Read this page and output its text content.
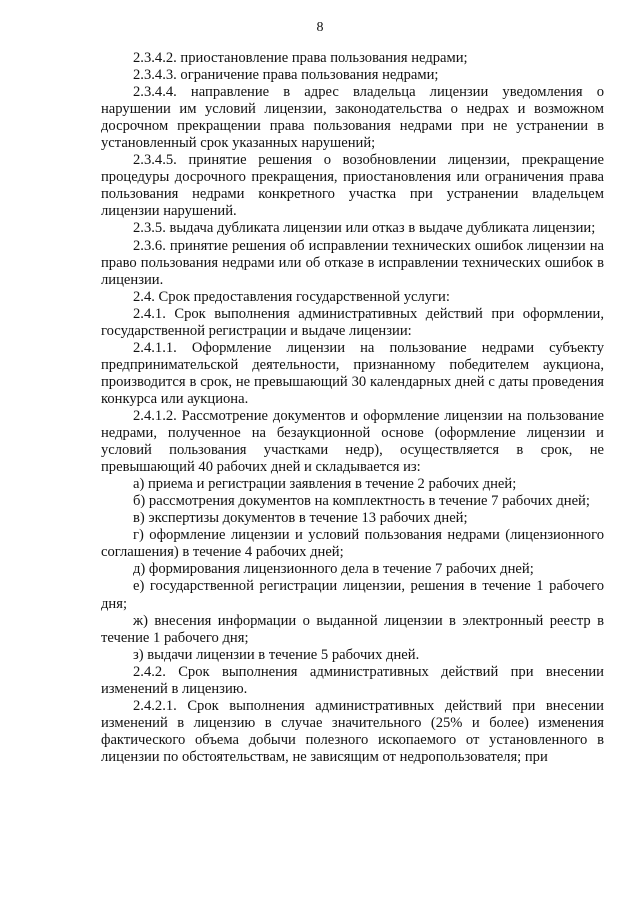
8

2.3.4.2. приостановление права пользования недрами;

2.3.4.3. ограничение права пользования недрами;

2.3.4.4. направление в адрес владельца лицензии уведомления о нарушении им условий лицензии, законодательства о недрах и возможном досрочном прекращении права пользования недрами при не устранении в установленный срок указанных нарушений;

2.3.4.5. принятие решения о возобновлении лицензии, прекращение процедуры досрочного прекращения, приостановления или ограничения права пользования недрами конкретного участка при устранении владельцем лицензии нарушений.

2.3.5. выдача дубликата лицензии или отказ в выдаче дубликата лицензии;

2.3.6. принятие решения об исправлении технических ошибок лицензии на право пользования недрами или об отказе в исправлении технических ошибок в лицензии.

2.4. Срок предоставления государственной услуги:

2.4.1. Срок выполнения административных действий при оформлении, государственной регистрации и выдаче лицензии:

2.4.1.1. Оформление лицензии на пользование недрами субъекту предпринимательской деятельности, признанному победителем аукциона, производится в срок, не превышающий 30 календарных дней с даты проведения конкурса или аукциона.

2.4.1.2. Рассмотрение документов и оформление лицензии на пользование недрами, полученное на безаукционной основе (оформление лицензии и условий пользования участками недр), осуществляется в срок, не превышающий 40 рабочих дней и складывается из:

а) приема и регистрации заявления в течение 2 рабочих дней;

б) рассмотрения документов на комплектность в течение 7 рабочих дней;

в) экспертизы документов в течение 13 рабочих дней;

г) оформление лицензии и условий пользования недрами (лицензионного соглашения) в течение 4 рабочих дней;

д) формирования лицензионного дела в течение 7 рабочих дней;

е) государственной регистрации лицензии, решения в течение 1 рабочего дня;

ж) внесения информации о выданной лицензии в электронный реестр в течение 1 рабочего дня;

з) выдачи лицензии в течение 5 рабочих дней.

2.4.2. Срок выполнения административных действий при внесении изменений в лицензию.

2.4.2.1. Срок выполнения административных действий при внесении изменений в лицензию в случае значительного (25% и более) изменения фактического объема добычи полезного ископаемого от установленного в лицензии по обстоятельствам, не зависящим от недропользователя; при
